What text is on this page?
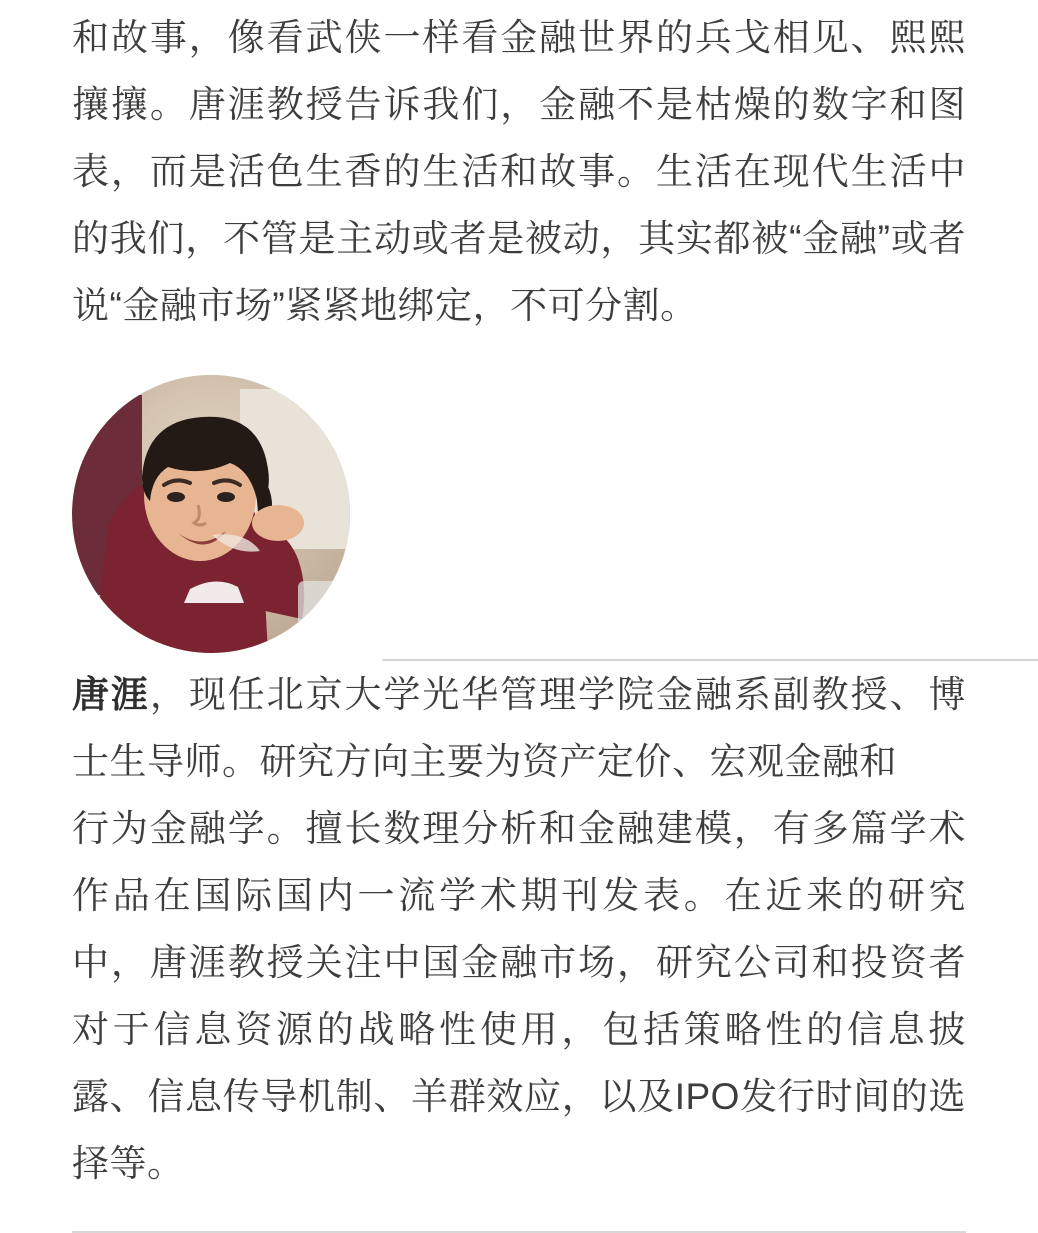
和故事，像看武侠一样看金融世界的兵戈相见、熙熙攘攘。唐涯教授告诉我们，金融不是枯燥的数字和图表，而是活色生香的生活和故事。生活在现代生活中的我们，不管是主动或者是被动，其实都被“金融”或者说“金融市场”紧紧地绑定，不可分割。

唐涯，现任北京大学光华管理学院金融系副教授、博士生导师。研究方向主要为资产定价、宏观金融和

行为金融学。擅长数理分析和金融建模，有多篇学术作品在国际国内一流学术期刊发表。在近来的研究中，唐涯教授关注中国金融市场，研究公司和投资者对于信息资源的战略性使用，包括策略性的信息披露、信息传导机制、羊群效应，以及IPO发行时间的选择等。
